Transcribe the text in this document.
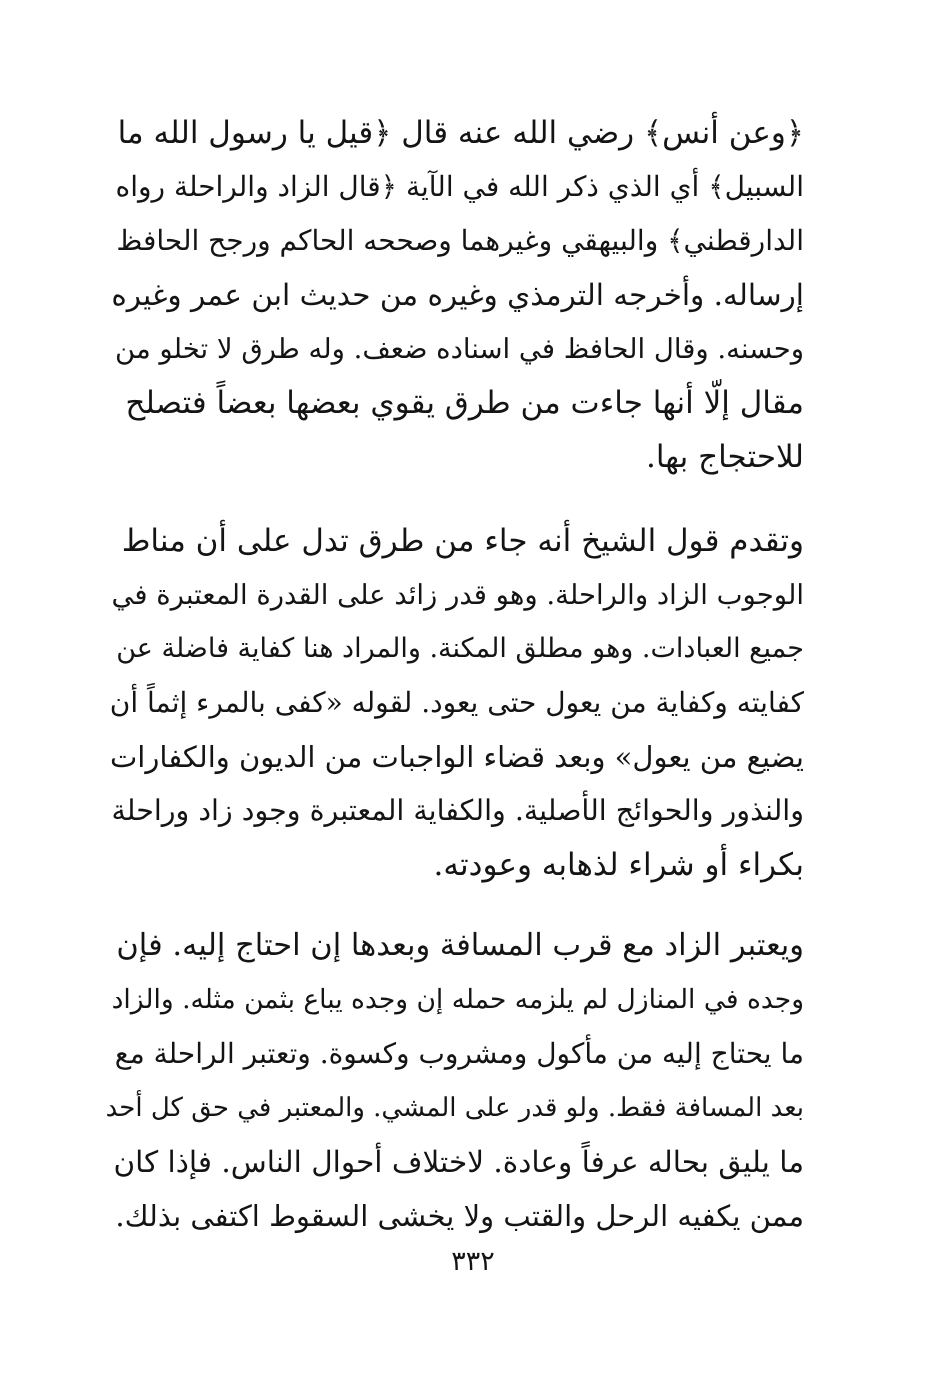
﴿وعن أنس﴾ رضي الله عنه قال ﴿قيل يا رسول الله ما
السبيل﴾ أي الذي ذكر الله في الآية ﴿قال الزاد والراحلة رواه
الدارقطني﴾ والبيهقي وغيرهما وصححه الحاكم ورجح الحافظ
إرساله. وأخرجه الترمذي وغيره من حديث ابن عمر وغيره
وحسنه. وقال الحافظ في اسناده ضعف. وله طرق لا تخلو من
مقال إلّا أنها جاءت من طرق يقوي بعضها بعضاً فتصلح
للاحتجاج بها.
وتقدم قول الشيخ أنه جاء من طرق تدل على أن مناط
الوجوب الزاد والراحلة. وهو قدر زائد على القدرة المعتبرة في
جميع العبادات. وهو مطلق المكنة. والمراد هنا كفاية فاضلة عن
كفايته وكفاية من يعول حتى يعود. لقوله «كفى بالمرء إثماً أن
يضيع من يعول» وبعد قضاء الواجبات من الديون والكفارات
والنذور والحوائج الأصلية. والكفاية المعتبرة وجود زاد وراحلة
بكراء أو شراء لذهابه وعودته.
ويعتبر الزاد مع قرب المسافة وبعدها إن احتاج إليه. فإن
وجده في المنازل لم يلزمه حمله إن وجده يباع بثمن مثله. والزاد
ما يحتاج إليه من مأكول ومشروب وكسوة. وتعتبر الراحلة مع
بعد المسافة فقط. ولو قدر على المشي. والمعتبر في حق كل أحد
ما يليق بحاله عرفاً وعادة. لاختلاف أحوال الناس. فإذا كان
ممن يكفيه الرحل والقتب ولا يخشى السقوط اكتفى بذلك.
٣٣٢
